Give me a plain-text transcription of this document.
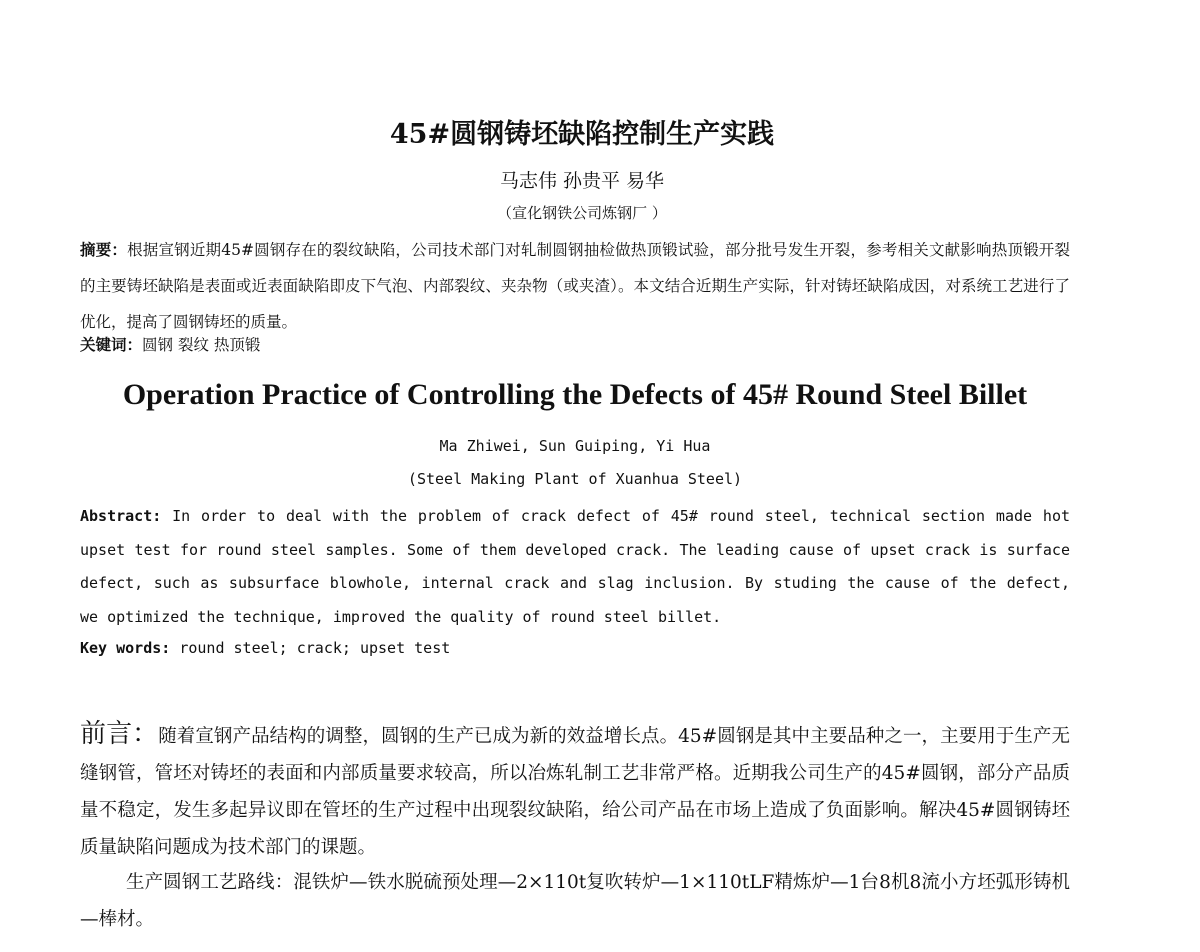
45#圆钢铸坯缺陷控制生产实践
马志伟 孙贵平 易华
（宣化钢铁公司炼钢厂 ）
摘要：根据宣钢近期45#圆钢存在的裂纹缺陷，公司技术部门对轧制圆钢抽检做热顶锻试验，部分批号发生开裂，参考相关文献影响热顶锻开裂的主要铸坯缺陷是表面或近表面缺陷即皮下气泡、内部裂纹、夹杂物（或夹渣）。本文结合近期生产实际，针对铸坯缺陷成因，对系统工艺进行了优化，提高了圆钢铸坯的质量。
关键词：圆钢 裂纹 热顶锻
Operation Practice of Controlling the Defects of 45# Round Steel Billet
Ma Zhiwei, Sun Guiping, Yi Hua
(Steel Making Plant of Xuanhua Steel)
Abstract: In order to deal with the problem of crack defect of 45# round steel, technical section made hot upset test for round steel samples. Some of them developed crack. The leading cause of upset crack is surface defect, such as subsurface blowhole, internal crack and slag inclusion. By studing the cause of the defect, we optimized the technique, improved the quality of round steel billet.
Key words: round steel; crack; upset test
前言：随着宣钢产品结构的调整，圆钢的生产已成为新的效益增长点。45#圆钢是其中主要品种之一，主要用于生产无缝钢管，管坯对铸坯的表面和内部质量要求较高，所以冶炼轧制工艺非常严格。近期我公司生产的45#圆钢，部分产品质量不稳定，发生多起异议即在管坯的生产过程中出现裂纹缺陷，给公司产品在市场上造成了负面影响。解决45#圆钢铸坯质量缺陷问题成为技术部门的课题。
生产圆钢工艺路线：混铁炉—铁水脱硫预处理—2×110t复吹转炉—1×110tLF精炼炉—1台8机8流小方坯弧形铸机—棒材。
